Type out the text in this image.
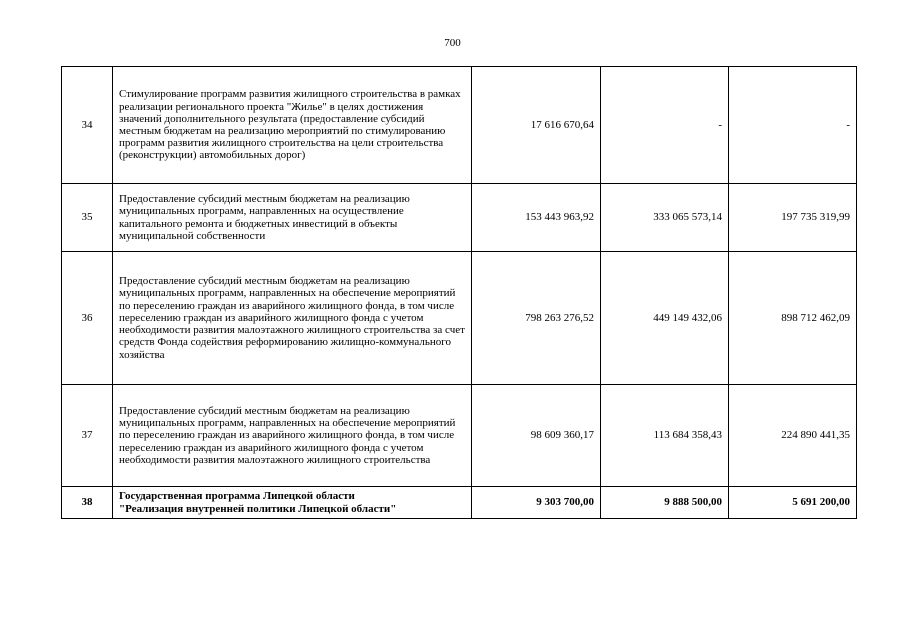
700
34	Стимулирование программ развития жилищного строительства в рамках реализации регионального проекта "Жилье" в целях достижения значений дополнительного результата (предоставление субсидий местным бюджетам на реализацию мероприятий по стимулированию программ развития жилищного строительства на цели строительства (реконструкции) автомобильных дорог)	17 616 670,64	-	-
35	Предоставление субсидий местным бюджетам на реализацию муниципальных программ, направленных на осуществление капитального ремонта и бюджетных инвестиций в объекты муниципальной собственности	153 443 963,92	333 065 573,14	197 735 319,99
36	Предоставление субсидий местным бюджетам на реализацию муниципальных программ, направленных на обеспечение мероприятий по переселению граждан из аварийного жилищного фонда, в том числе переселению граждан из аварийного жилищного фонда с учетом необходимости развития малоэтажного жилищного строительства за счет средств Фонда содействия реформированию жилищно-коммунального хозяйства	798 263 276,52	449 149 432,06	898 712 462,09
37	Предоставление субсидий местным бюджетам на реализацию муниципальных программ, направленных на обеспечение мероприятий по переселению граждан из аварийного жилищного фонда, в том числе переселению граждан из аварийного жилищного фонда с учетом необходимости развития малоэтажного жилищного строительства	98 609 360,17	113 684 358,43	224 890 441,35
38	Государственная программа Липецкой области
"Реализация внутренней политики Липецкой области"	9 303 700,00	9 888 500,00	5 691 200,00
